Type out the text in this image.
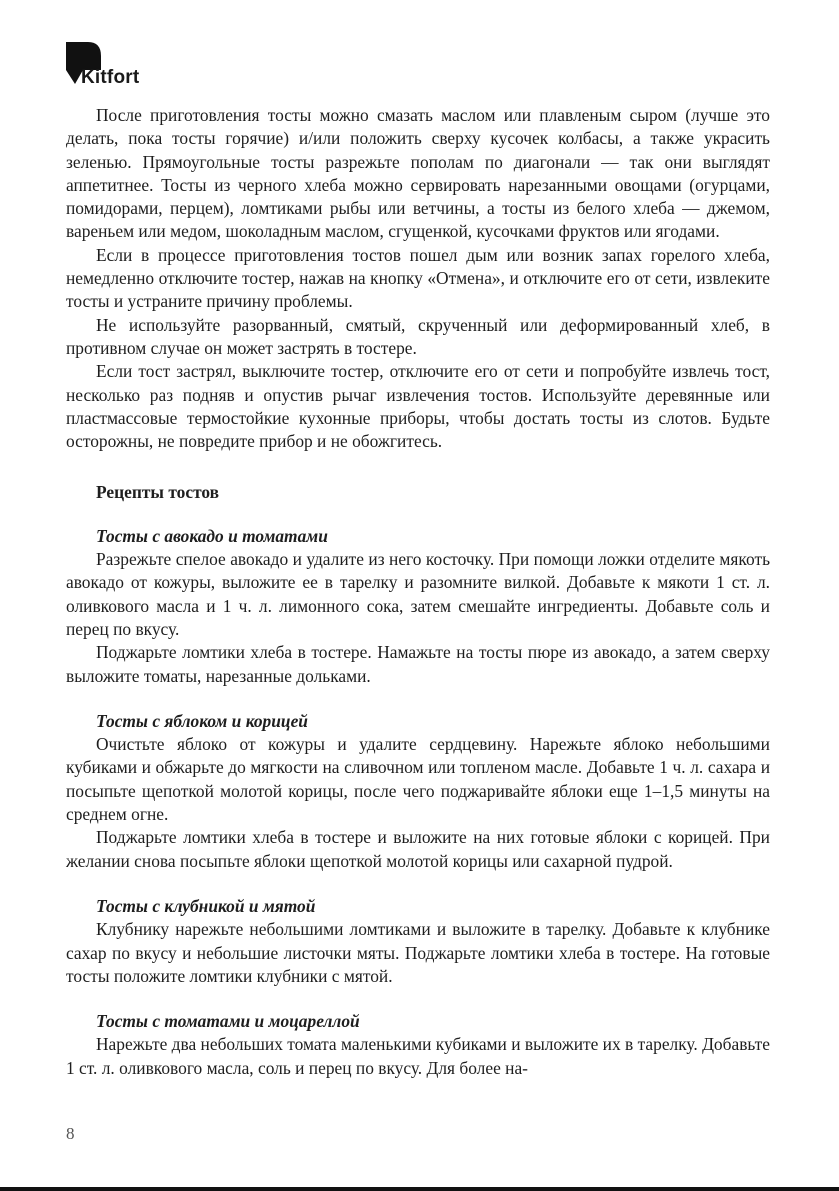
Kitfort

После приготовления тосты можно смазать маслом или плавленым сыром (лучше это делать, пока тосты горячие) и/или положить сверху кусочек колбасы, а также украсить зеленью. Прямоугольные тосты разрежьте пополам по диагонали — так они выглядят аппетитнее. Тосты из черного хлеба можно сервировать нарезанными овощами (огурцами, помидорами, перцем), ломтиками рыбы или ветчины, а тосты из белого хлеба — джемом, вареньем или медом, шоколадным маслом, сгущенкой, кусочками фруктов или ягодами.

Если в процессе приготовления тостов пошел дым или возник запах горелого хлеба, немедленно отключите тостер, нажав на кнопку «Отмена», и отключите его от сети, извлеките тосты и устраните причину проблемы.

Не используйте разорванный, смятый, скрученный или деформированный хлеб, в противном случае он может застрять в тостере.

Если тост застрял, выключите тостер, отключите его от сети и попробуйте извлечь тост, несколько раз подняв и опустив рычаг извлечения тостов. Используйте деревянные или пластмассовые термостойкие кухонные приборы, чтобы достать тосты из слотов. Будьте осторожны, не повредите прибор и не обожгитесь.

Рецепты тостов
Тосты с авокадо и томатами

Разрежьте спелое авокадо и удалите из него косточку. При помощи ложки отделите мякоть авокадо от кожуры, выложите ее в тарелку и разомните вилкой. Добавьте к мякоти 1 ст. л. оливкового масла и 1 ч. л. лимонного сока, затем смешайте ингредиенты. Добавьте соль и перец по вкусу.

Поджарьте ломтики хлеба в тостере. Намажьте на тосты пюре из авокадо, а затем сверху выложите томаты, нарезанные дольками.

Тосты с яблоком и корицей

Очистьте яблоко от кожуры и удалите сердцевину. Нарежьте яблоко небольшими кубиками и обжарьте до мягкости на сливочном или топленом масле. Добавьте 1 ч. л. сахара и посыпьте щепоткой молотой корицы, после чего поджаривайте яблоки еще 1–1,5 минуты на среднем огне.

Поджарьте ломтики хлеба в тостере и выложите на них готовые яблоки с корицей. При желании снова посыпьте яблоки щепоткой молотой корицы или сахарной пудрой.

Тосты с клубникой и мятой

Клубнику нарежьте небольшими ломтиками и выложите в тарелку. Добавьте к клубнике сахар по вкусу и небольшие листочки мяты. Поджарьте ломтики хлеба в тостере. На готовые тосты положите ломтики клубники с мятой.

Тосты с томатами и моцареллой

Нарежьте два небольших томата маленькими кубиками и выложите их в тарелку. Добавьте 1 ст. л. оливкового масла, соль и перец по вкусу. Для более на-

8
